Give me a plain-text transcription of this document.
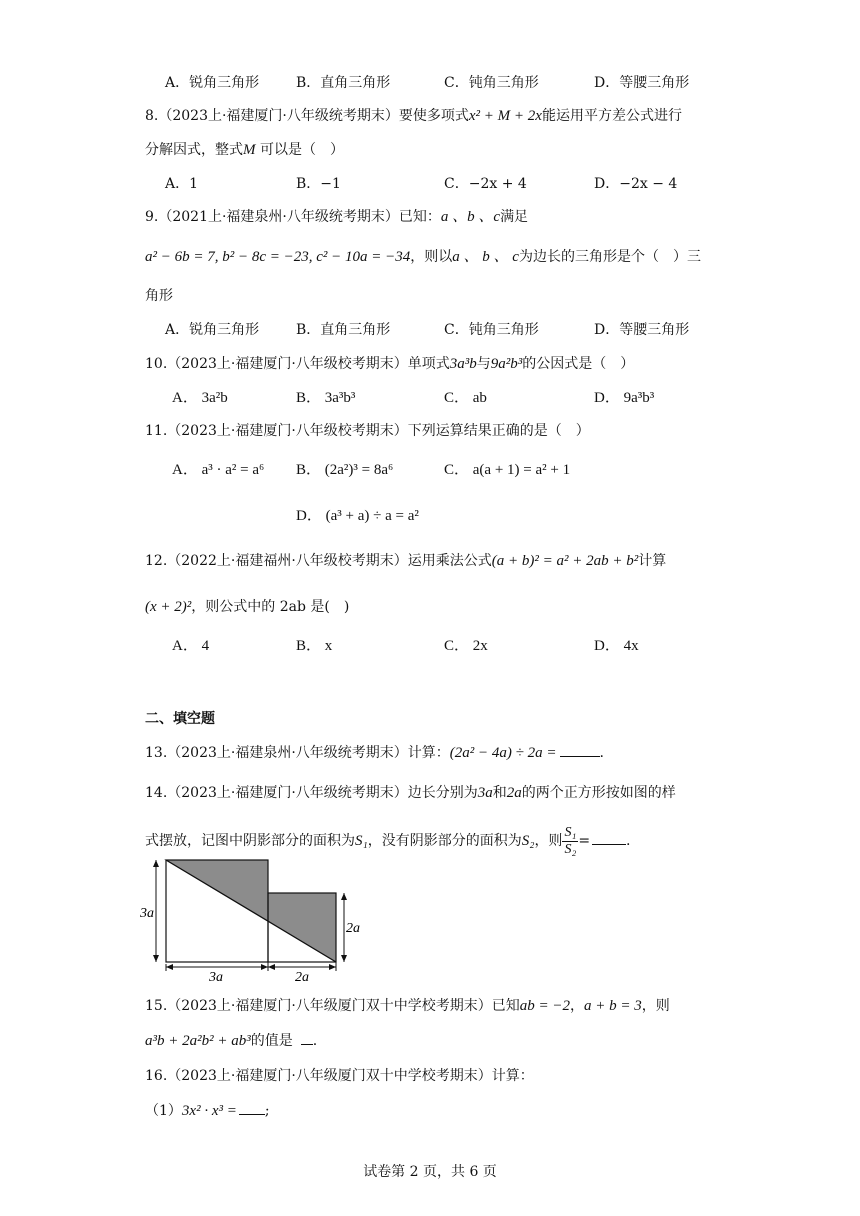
A．锐角三角形	B．直角三角形	C．钝角三角形	D．等腰三角形
8.（2023上·福建厦门·八年级统考期末）要使多项式x² + M + 2x能运用平方差公式进行
分解因式，整式M 可以是（　）
A．1	B．−1	C．−2x + 4	D．−2x − 4
9.（2021上·福建泉州·八年级统考期末）已知：a 、b 、c满足
a² − 6b = 7, b² − 8c = −23, c² − 10a = −34，则以a 、 b 、 c为边长的三角形是个（　）三
角形
A．锐角三角形	B．直角三角形	C．钝角三角形	D．等腰三角形
10.（2023上·福建厦门·八年级校考期末）单项式3a³b与9a²b³的公因式是（　）
A． 3a²b	B． 3a³b³	C． ab	D． 9a³b³
11.（2023上·福建厦门·八年级校考期末）下列运算结果正确的是（　）
A． a³ · a² = a⁶ B． (2a²)³ = 8a⁶	C． a(a + 1) = a² + 1
D． (a³ + a) ÷ a = a²
12.（2022上·福建福州·八年级校考期末）运用乘法公式(a + b)² = a² + 2ab + b²计算
(x + 2)²，则公式中的 2ab 是(　)
A． 4	B． x	C． 2x	D． 4x
二、填空题
13.（2023上·福建泉州·八年级统考期末）计算：(2a² − 4a) ÷ 2a =	.
14.（2023上·福建厦门·八年级统考期末）边长分别为3a和2a的两个正方形按如图的样
式摆放，记图中阴影部分的面积为S₁，没有阴影部分的面积为S₂，则 $\frac{\text{S₁}}{\text{S₂}}$ =	.
3a
2a
3a	2a
15.（2023上·福建厦门·八年级厦门双十中学校考期末）已知ab = −2，a + b = 3，则
a³b + 2a²b² + ab³的值是 .
16.（2023上·福建厦门·八年级厦门双十中学校考期末）计算：
（1）3x² · x³ = ;
试卷第 2 页，共 6 页
